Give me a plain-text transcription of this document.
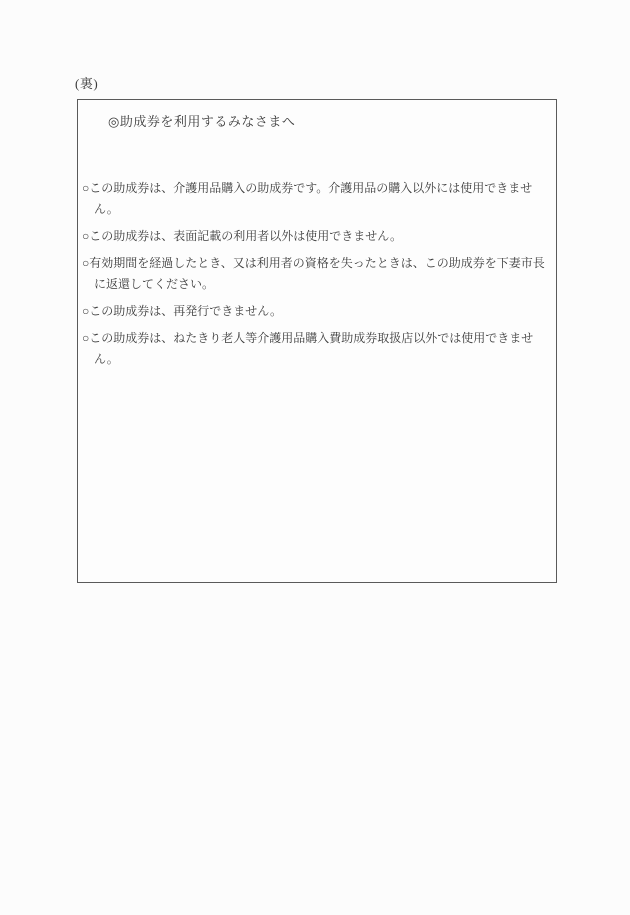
(裏)
◎助成券を利用するみなさまへ
○この助成券は、介護用品購入の助成券です。介護用品の購入以外には使用できません。
○この助成券は、表面記載の利用者以外は使用できません。
○有効期間を経過したとき、又は利用者の資格を失ったときは、この助成券を下妻市長に返還してください。
○この助成券は、再発行できません。
○この助成券は、ねたきり老人等介護用品購入費助成券取扱店以外では使用できません。
